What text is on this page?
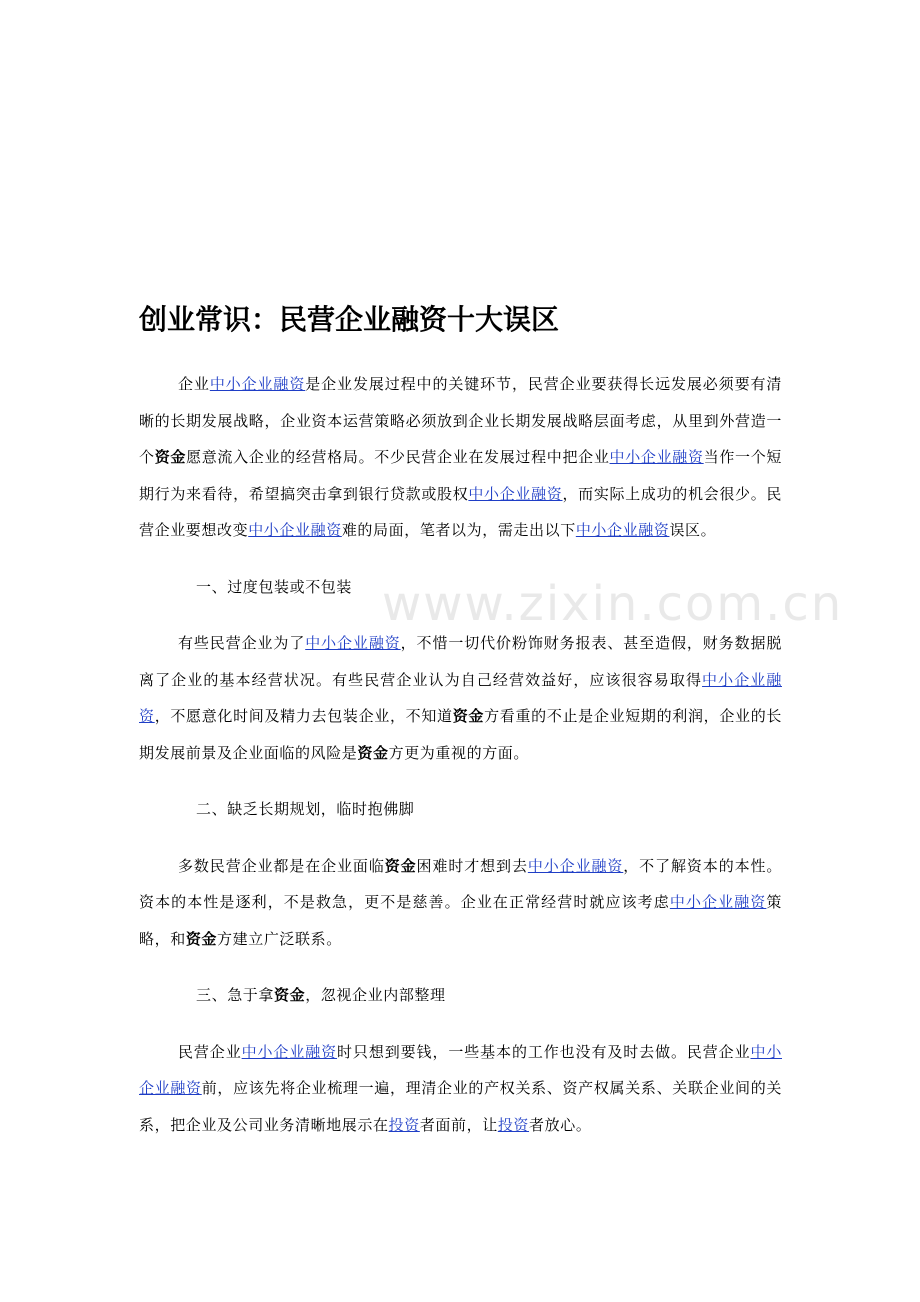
www.zixin.com.cn
创业常识：民营企业融资十大误区

企业中小企业融资是企业发展过程中的关键环节，民营企业要获得长远发展必须要有清晰的长期发展战略，企业资本运营策略必须放到企业长期发展战略层面考虑，从里到外营造一个资金愿意流入企业的经营格局。不少民营企业在发展过程中把企业中小企业融资当作一个短期行为来看待，希望搞突击拿到银行贷款或股权中小企业融资，而实际上成功的机会很少。民营企业要想改变中小企业融资难的局面，笔者以为，需走出以下中小企业融资误区。

一、过度包装或不包装

有些民营企业为了中小企业融资，不惜一切代价粉饰财务报表、甚至造假，财务数据脱离了企业的基本经营状况。有些民营企业认为自己经营效益好，应该很容易取得中小企业融资，不愿意化时间及精力去包装企业，不知道资金方看重的不止是企业短期的利润，企业的长期发展前景及企业面临的风险是资金方更为重视的方面。

二、缺乏长期规划，临时抱佛脚

多数民营企业都是在企业面临资金困难时才想到去中小企业融资，不了解资本的本性。资本的本性是逐利，不是救急，更不是慈善。企业在正常经营时就应该考虑中小企业融资策略，和资金方建立广泛联系。

三、急于拿资金，忽视企业内部整理

民营企业中小企业融资时只想到要钱，一些基本的工作也没有及时去做。民营企业中小企业融资前，应该先将企业梳理一遍，理清企业的产权关系、资产权属关系、关联企业间的关系，把企业及公司业务清晰地展示在投资者面前，让投资者放心。
